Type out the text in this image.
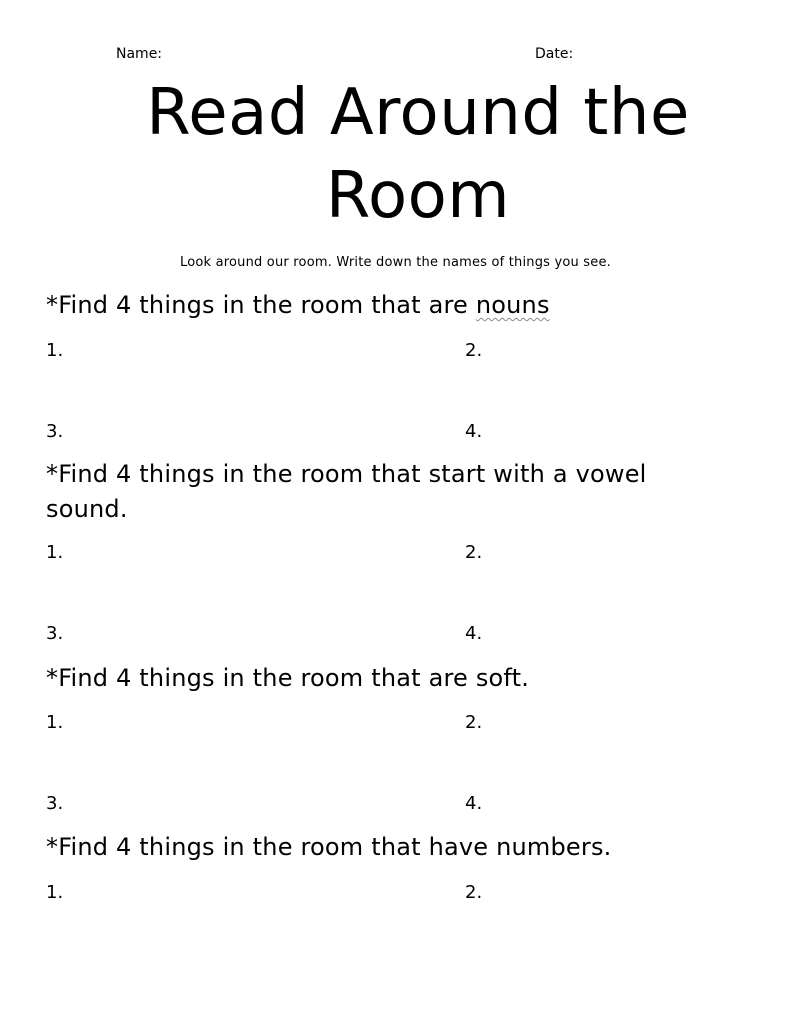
Name:	Date:
Read Around the
Room
Look around our room. Write down the names of things you see.
*Find 4 things in the room that are nouns
1.	2.
3.	4.
*Find 4 things in the room that start with a vowel sound.
1.	2.
3.	4.
*Find 4 things in the room that are soft.
1.	2.
3.	4.
*Find 4 things in the room that have numbers.
1.	2.
